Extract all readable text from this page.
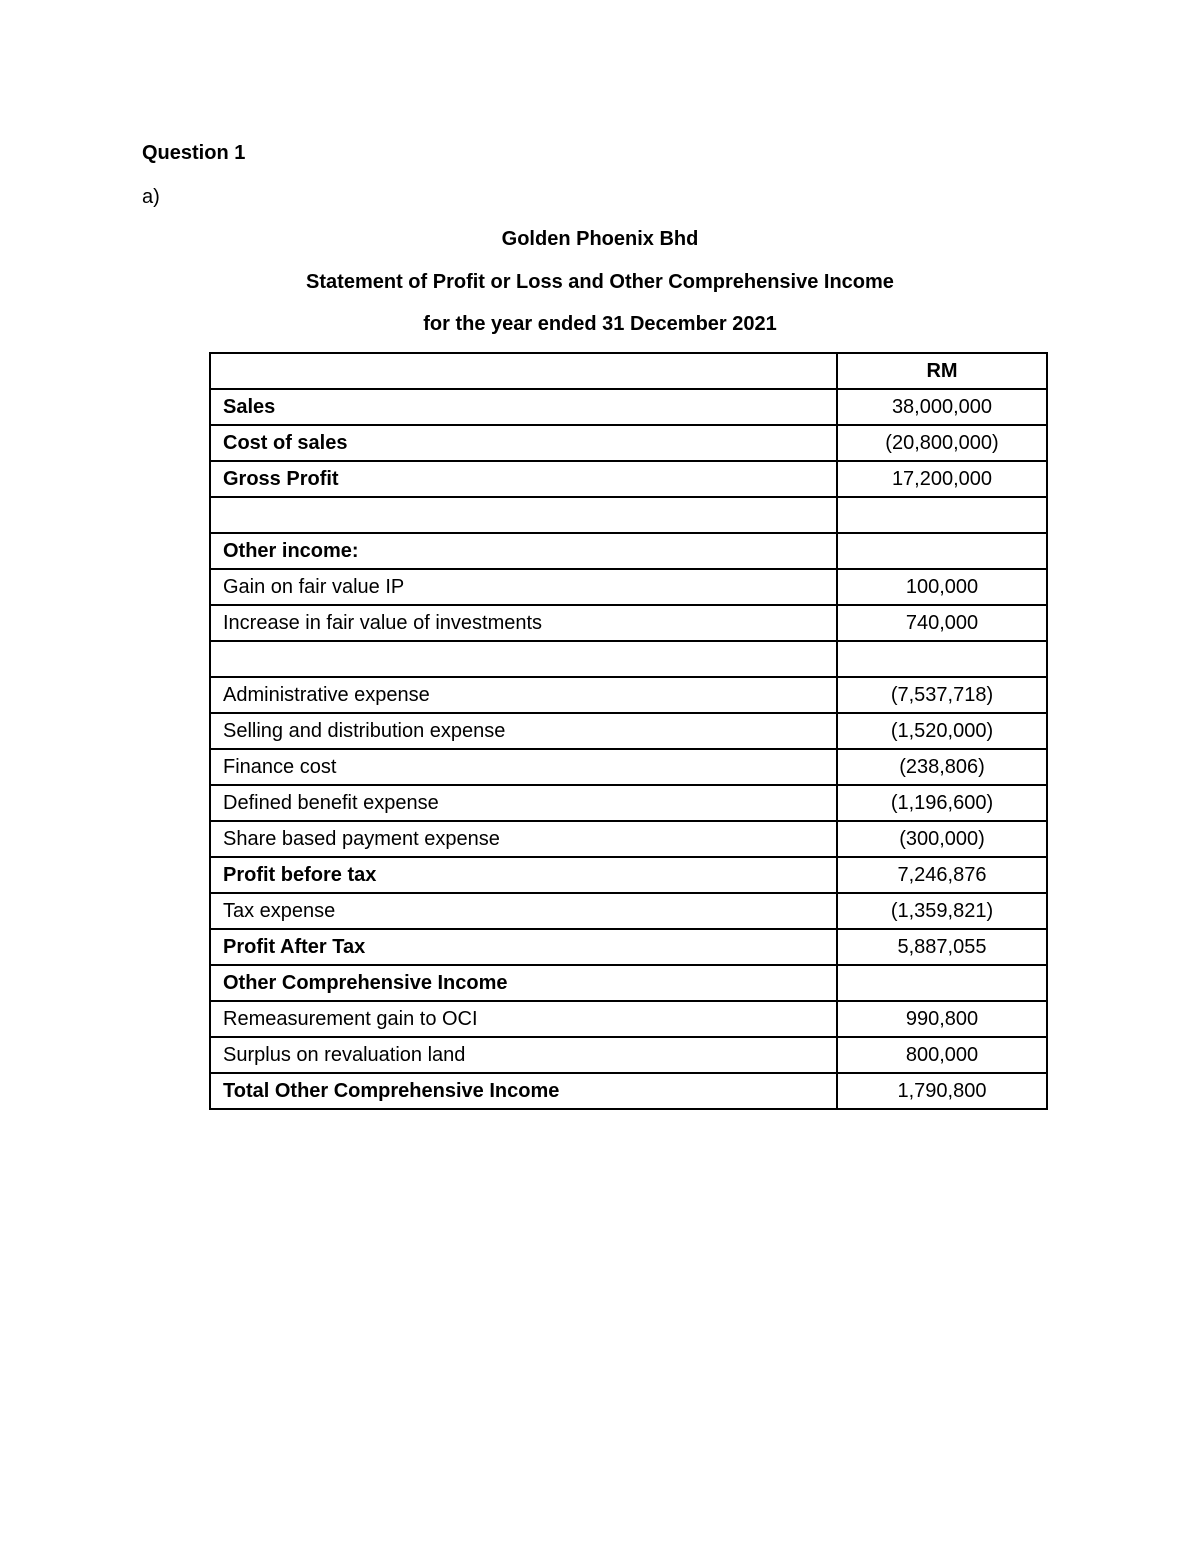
Question 1
a)
Golden Phoenix Bhd
Statement of Profit or Loss and Other Comprehensive Income
for the year ended 31 December 2021
	RM
Sales	38,000,000
Cost of sales	(20,800,000)
Gross Profit	17,200,000

Other income:	
Gain on fair value IP	100,000
Increase in fair value of investments	740,000

Administrative expense	(7,537,718)
Selling and distribution expense	(1,520,000)
Finance cost	(238,806)
Defined benefit expense	(1,196,600)
Share based payment expense	(300,000)
Profit before tax	7,246,876
Tax expense	(1,359,821)
Profit After Tax	5,887,055
Other Comprehensive Income	
Remeasurement gain to OCI	990,800
Surplus on revaluation land	800,000
Total Other Comprehensive Income	1,790,800
